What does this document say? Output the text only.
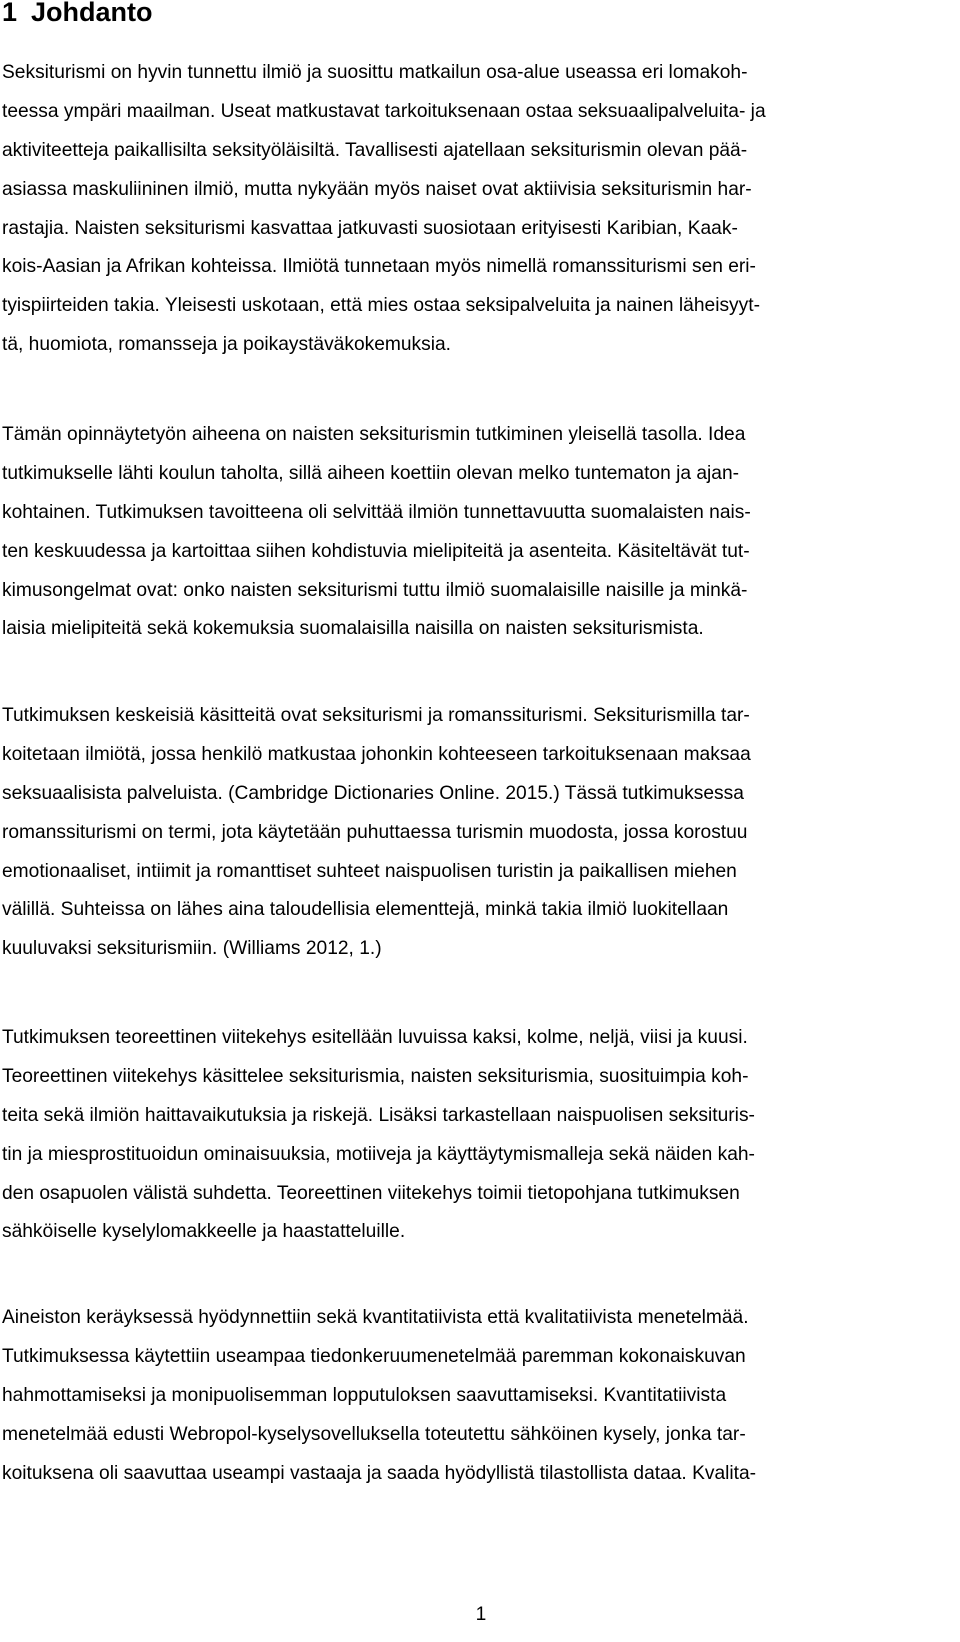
1 Johdanto

Seksiturismi on hyvin tunnettu ilmiö ja suosittu matkailun osa-alue useassa eri lomakoh-
teessa ympäri maailman. Useat matkustavat tarkoituksenaan ostaa seksuaalipalveluita- ja
aktiviteetteja paikallisilta seksityöläisiltä. Tavallisesti ajatellaan seksiturismin olevan pää-
asiassa maskuliininen ilmiö, mutta nykyään myös naiset ovat aktiivisia seksiturismin har-
rastajia. Naisten seksiturismi kasvattaa jatkuvasti suosiotaan erityisesti Karibian, Kaak-
kois-Aasian ja Afrikan kohteissa. Ilmiötä tunnetaan myös nimellä romanssiturismi sen eri-
tyispiirteiden takia. Yleisesti uskotaan, että mies ostaa seksipalveluita ja nainen läheisyyt-
tä, huomiota, romansseja ja poikaystäväkokemuksia.

Tämän opinnäytetyön aiheena on naisten seksiturismin tutkiminen yleisellä tasolla. Idea
tutkimukselle lähti koulun taholta, sillä aiheen koettiin olevan melko tuntematon ja ajan-
kohtainen. Tutkimuksen tavoitteena oli selvittää ilmiön tunnettavuutta suomalaisten nais-
ten keskuudessa ja kartoittaa siihen kohdistuvia mielipiteitä ja asenteita. Käsiteltävät tut-
kimusongelmat ovat: onko naisten seksiturismi tuttu ilmiö suomalaisille naisille ja minkä-
laisia mielipiteitä sekä kokemuksia suomalaisilla naisilla on naisten seksiturismista.

Tutkimuksen keskeisiä käsitteitä ovat seksiturismi ja romanssiturismi. Seksiturismilla tar-
koitetaan ilmiötä, jossa henkilö matkustaa johonkin kohteeseen tarkoituksenaan maksaa
seksuaalisista palveluista. (Cambridge Dictionaries Online. 2015.) Tässä tutkimuksessa
romanssiturismi on termi, jota käytetään puhuttaessa turismin muodosta, jossa korostuu
emotionaaliset, intiimit ja romanttiset suhteet naispuolisen turistin ja paikallisen miehen
välillä. Suhteissa on lähes aina taloudellisia elementtejä, minkä takia ilmiö luokitellaan
kuuluvaksi seksiturismiin. (Williams 2012, 1.)

Tutkimuksen teoreettinen viitekehys esitellään luvuissa kaksi, kolme, neljä, viisi ja kuusi.
Teoreettinen viitekehys käsittelee seksiturismia, naisten seksiturismia, suosituimpia koh-
teita sekä ilmiön haittavaikutuksia ja riskejä. Lisäksi tarkastellaan naispuolisen seksituris-
tin ja miesprostituoidun ominaisuuksia, motiiveja ja käyttäytymismalleja sekä näiden kah-
den osapuolen välistä suhdetta. Teoreettinen viitekehys toimii tietopohjana tutkimuksen
sähköiselle kyselylomakkeelle ja haastatteluille.

Aineiston keräyksessä hyödynnettiin sekä kvantitatiivista että kvalitatiivista menetelmää.
Tutkimuksessa käytettiin useampaa tiedonkeruumenetelmää paremman kokonaiskuvan
hahmottamiseksi ja monipuolisemman lopputuloksen saavuttamiseksi. Kvantitatiivista
menetelmää edusti Webropol-kyselysovelluksella toteutettu sähköinen kysely, jonka tar-
koituksena oli saavuttaa useampi vastaaja ja saada hyödyllistä tilastollista dataa. Kvalita-

1
